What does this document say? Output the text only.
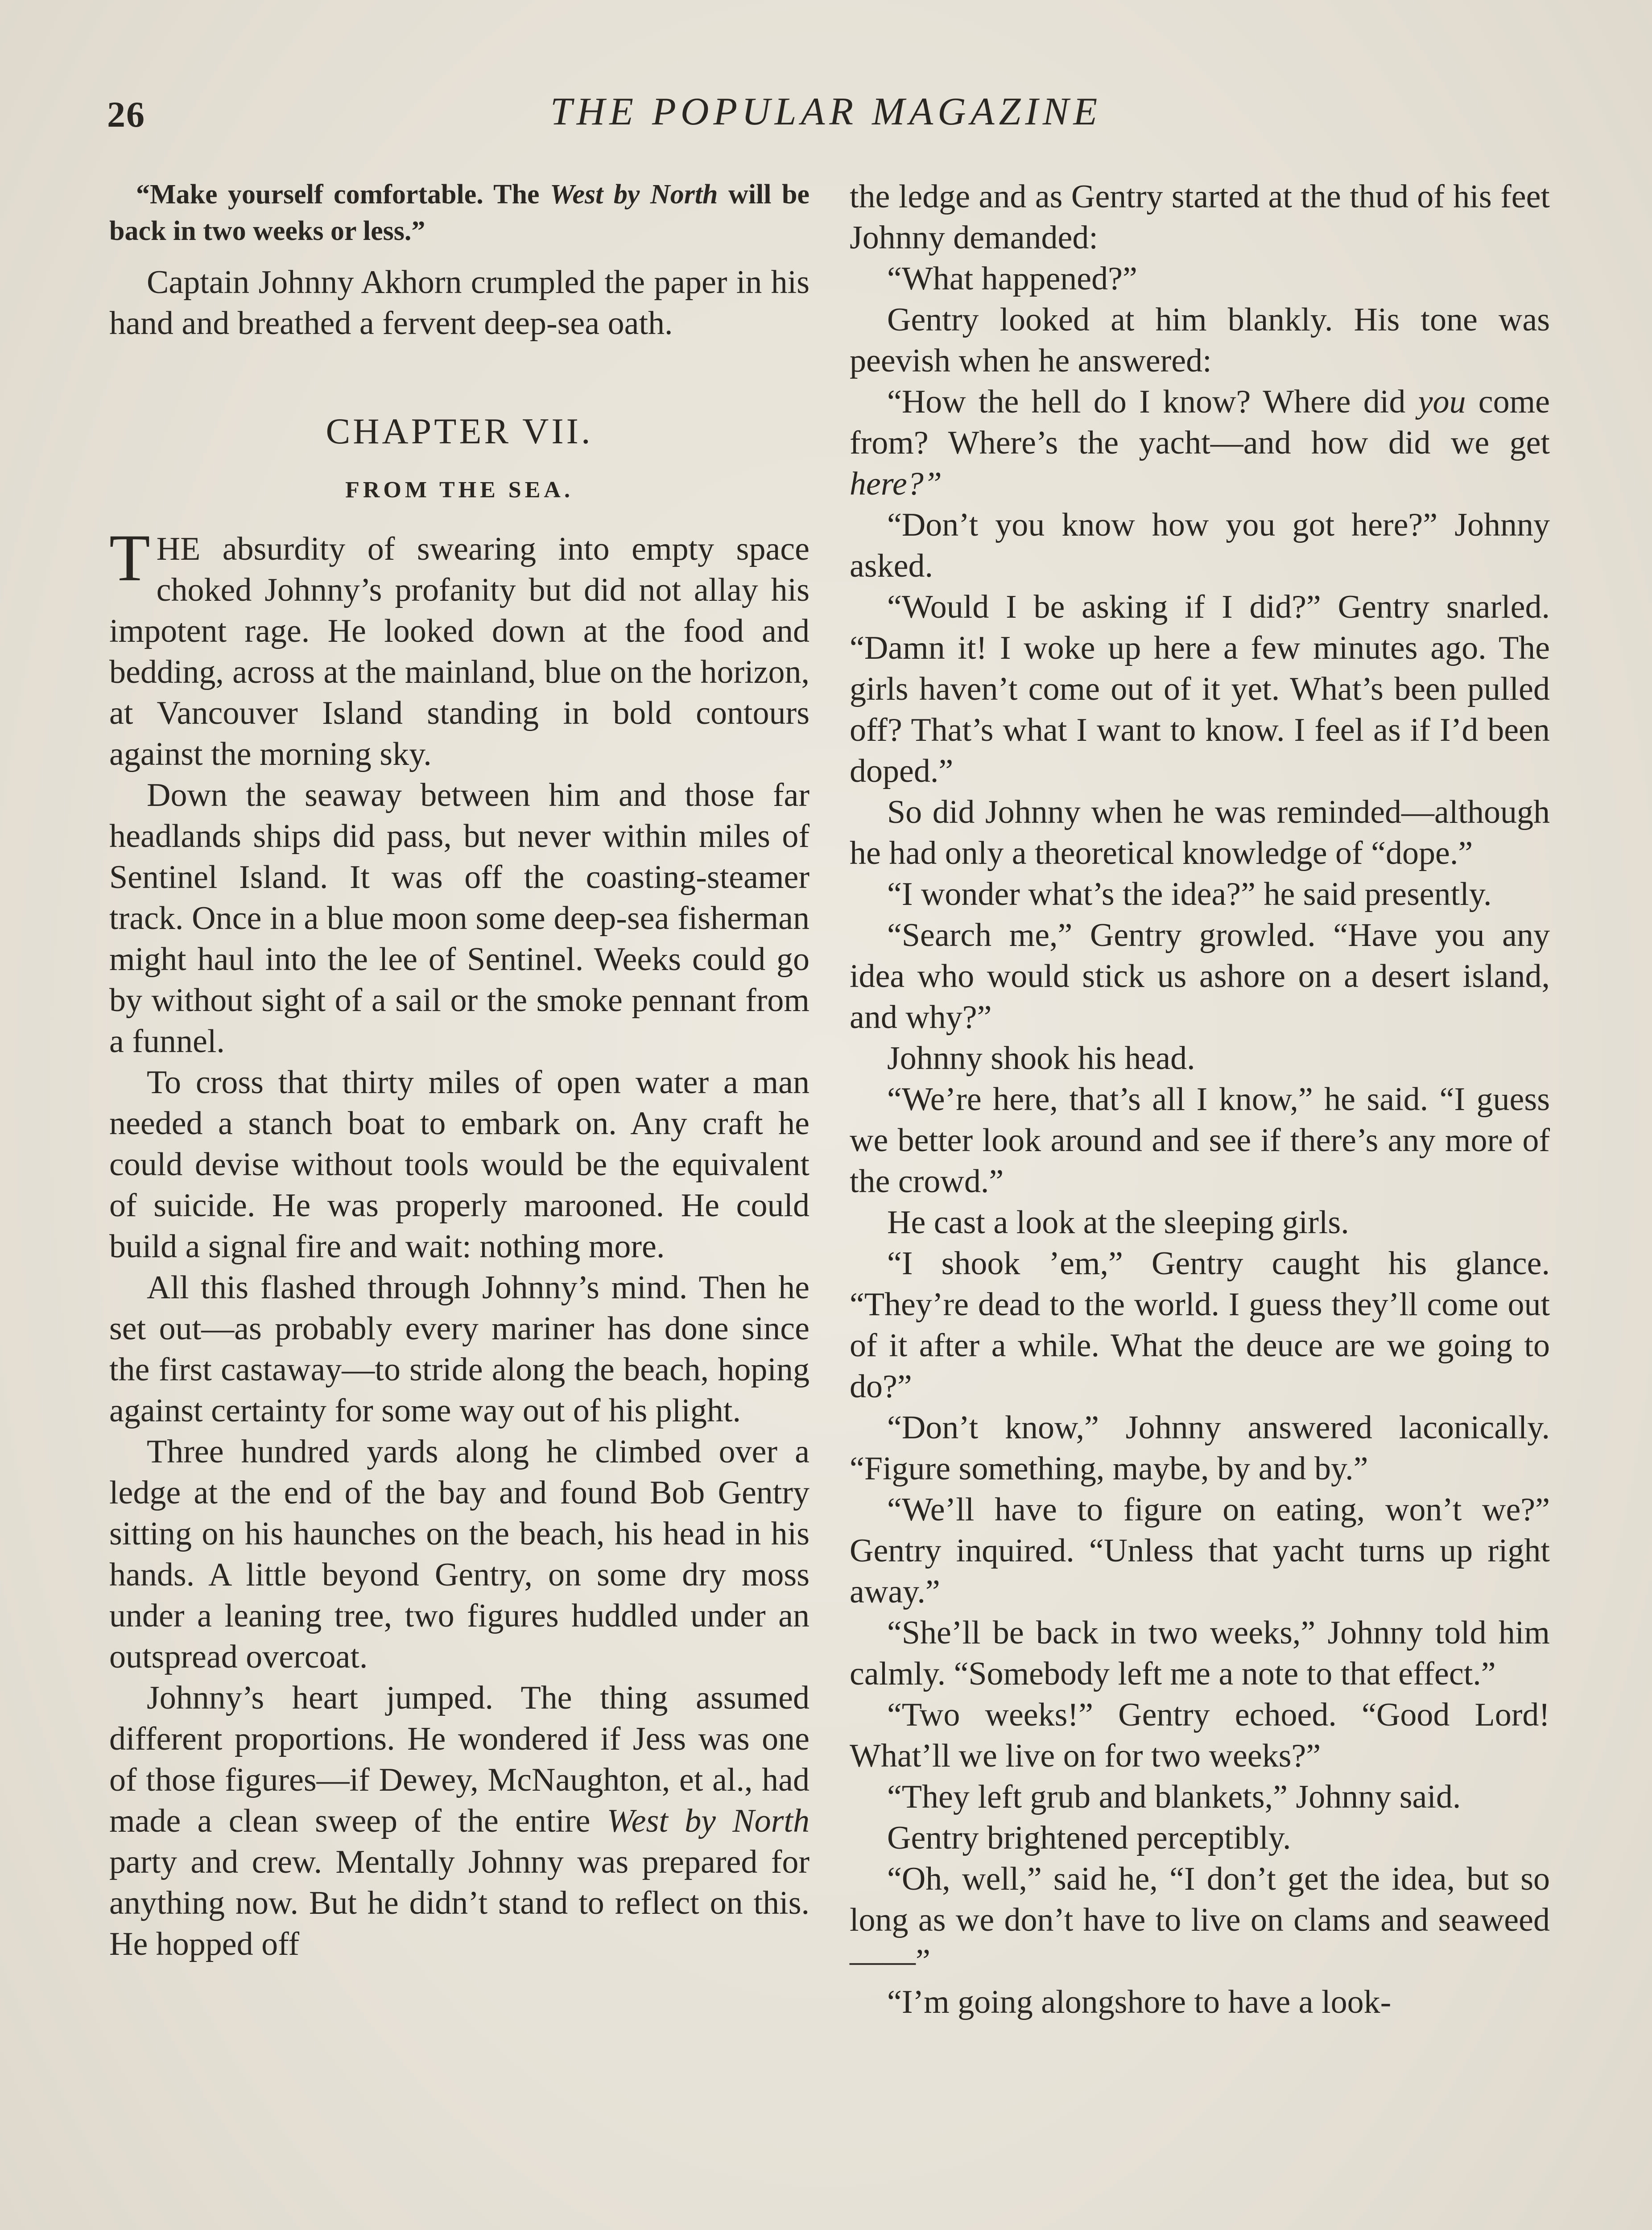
26	THE POPULAR MAGAZINE

“Make yourself comfortable. The West by North will be back in two weeks or less.”

Captain Johnny Akhorn crumpled the paper in his hand and breathed a fervent deep-sea oath.

CHAPTER VII.
FROM THE SEA.

THE absurdity of swearing into empty space choked Johnny’s profanity but did not allay his impotent rage. He looked down at the food and bedding, across at the mainland, blue on the horizon, at Vancouver Island standing in bold contours against the morning sky.

Down the seaway between him and those far headlands ships did pass, but never within miles of Sentinel Island. It was off the coasting-steamer track. Once in a blue moon some deep-sea fisherman might haul into the lee of Sentinel. Weeks could go by without sight of a sail or the smoke pennant from a funnel.

To cross that thirty miles of open water a man needed a stanch boat to embark on. Any craft he could devise without tools would be the equivalent of suicide. He was properly marooned. He could build a signal fire and wait: nothing more.

All this flashed through Johnny’s mind. Then he set out—as probably every mariner has done since the first castaway—to stride along the beach, hoping against certainty for some way out of his plight.

Three hundred yards along he climbed over a ledge at the end of the bay and found Bob Gentry sitting on his haunches on the beach, his head in his hands. A little beyond Gentry, on some dry moss under a leaning tree, two figures huddled under an outspread overcoat.

Johnny’s heart jumped. The thing assumed different proportions. He wondered if Jess was one of those figures—if Dewey, McNaughton, et al., had made a clean sweep of the entire West by North party and crew. Mentally Johnny was prepared for anything now. But he didn’t stand to reflect on this. He hopped off

the ledge and as Gentry started at the thud of his feet Johnny demanded:

“What happened?”

Gentry looked at him blankly. His tone was peevish when he answered:

“How the hell do I know? Where did you come from? Where’s the yacht—and how did we get here?”

“Don’t you know how you got here?” Johnny asked.

“Would I be asking if I did?” Gentry snarled. “Damn it! I woke up here a few minutes ago. The girls haven’t come out of it yet. What’s been pulled off? That’s what I want to know. I feel as if I’d been doped.”

So did Johnny when he was reminded—although he had only a theoretical knowledge of “dope.”

“I wonder what’s the idea?” he said presently.

“Search me,” Gentry growled. “Have you any idea who would stick us ashore on a desert island, and why?”

Johnny shook his head.

“We’re here, that’s all I know,” he said. “I guess we better look around and see if there’s any more of the crowd.”

He cast a look at the sleeping girls.

“I shook ’em,” Gentry caught his glance. “They’re dead to the world. I guess they’ll come out of it after a while. What the deuce are we going to do?”

“Don’t know,” Johnny answered laconically. “Figure something, maybe, by and by.”

“We’ll have to figure on eating, won’t we?” Gentry inquired. “Unless that yacht turns up right away.”

“She’ll be back in two weeks,” Johnny told him calmly. “Somebody left me a note to that effect.”

“Two weeks!” Gentry echoed. “Good Lord! What’ll we live on for two weeks?”

“They left grub and blankets,” Johnny said.

Gentry brightened perceptibly.

“Oh, well,” said he, “I don’t get the idea, but so long as we don’t have to live on clams and seaweed——”

“I’m going alongshore to have a look-
